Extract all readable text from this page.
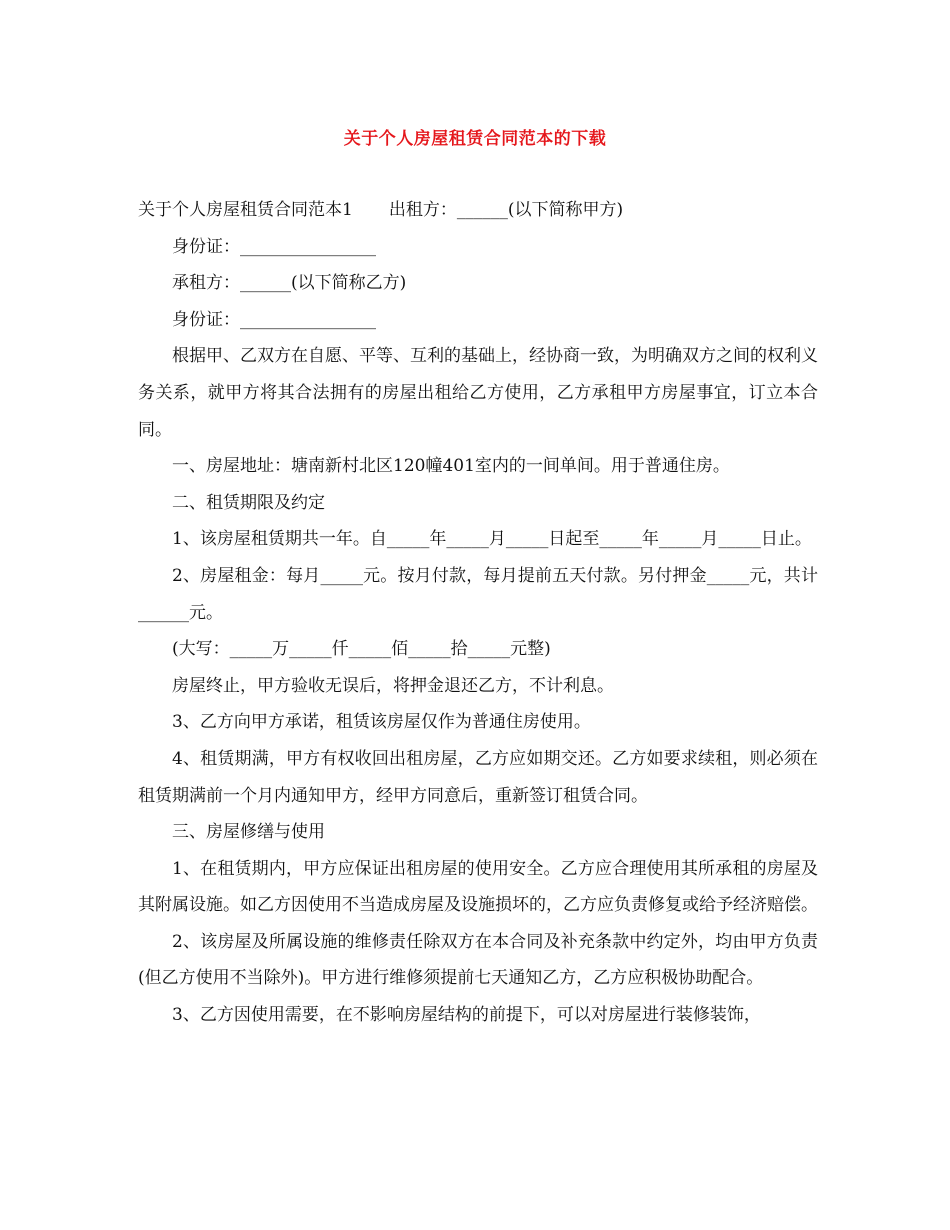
关于个人房屋租赁合同范本的下载

关于个人房屋租赁合同范本1 出租方：______(以下简称甲方)

身份证：________________

承租方：______(以下简称乙方)

身份证：________________

根据甲、乙双方在自愿、平等、互利的基础上，经协商一致，为明确双方之间的权利义务关系，就甲方将其合法拥有的房屋出租给乙方使用，乙方承租甲方房屋事宜，订立本合同。

一、房屋地址：塘南新村北区120幢401室内的一间单间。用于普通住房。

二、租赁期限及约定

1、该房屋租赁期共一年。自_____年_____月_____日起至_____年_____月_____日止。

2、房屋租金：每月_____元。按月付款，每月提前五天付款。另付押金_____元，共计______元。

(大写：_____万_____仟_____佰_____拾_____元整)

房屋终止，甲方验收无误后，将押金退还乙方，不计利息。

3、乙方向甲方承诺，租赁该房屋仅作为普通住房使用。

4、租赁期满，甲方有权收回出租房屋，乙方应如期交还。乙方如要求续租，则必须在租赁期满前一个月内通知甲方，经甲方同意后，重新签订租赁合同。

三、房屋修缮与使用

1、在租赁期内，甲方应保证出租房屋的使用安全。乙方应合理使用其所承租的房屋及其附属设施。如乙方因使用不当造成房屋及设施损坏的，乙方应负责修复或给予经济赔偿。

2、该房屋及所属设施的维修责任除双方在本合同及补充条款中约定外，均由甲方负责(但乙方使用不当除外)。甲方进行维修须提前七天通知乙方，乙方应积极协助配合。

3、乙方因使用需要，在不影响房屋结构的前提下，可以对房屋进行装修装饰，
